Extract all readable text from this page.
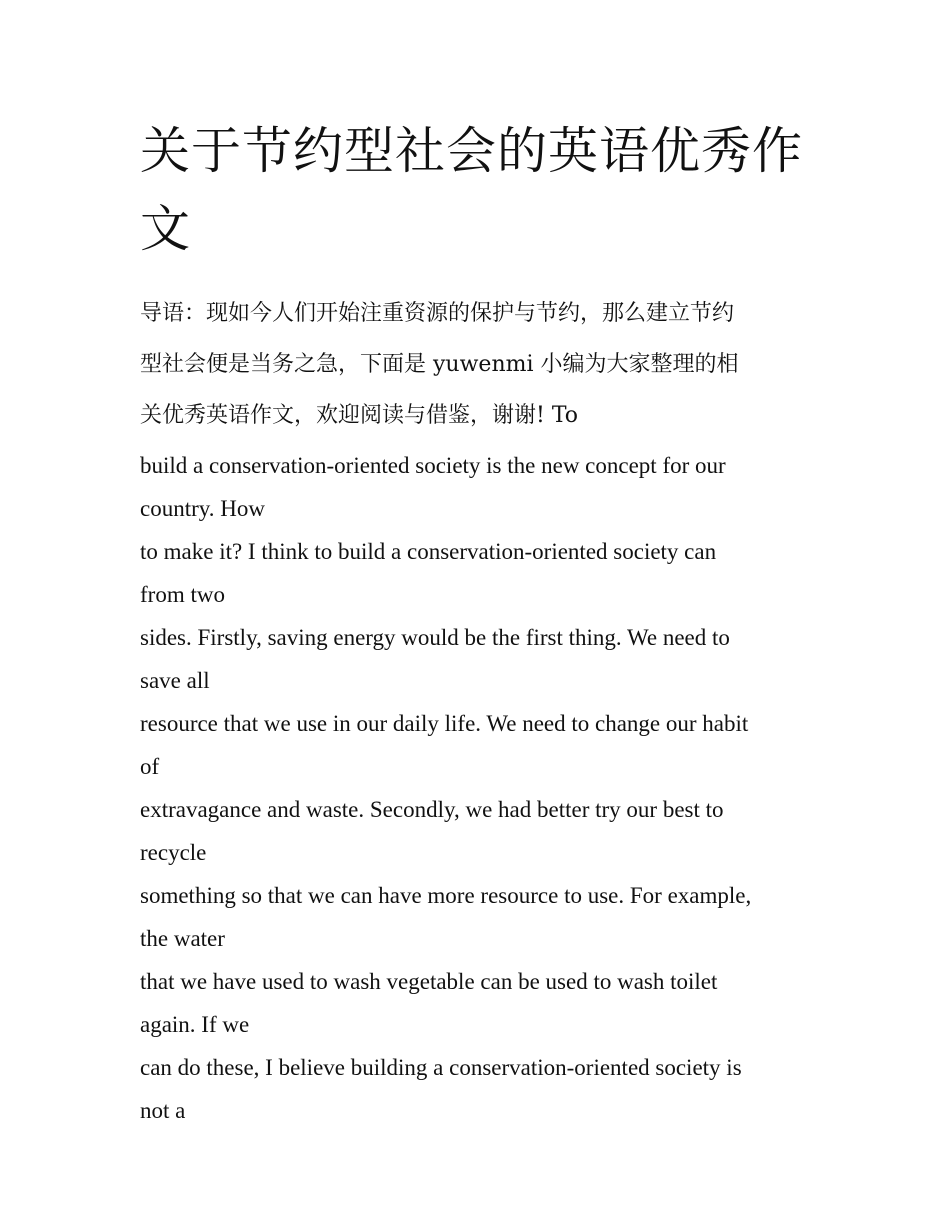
关于节约型社会的英语优秀作文

导语：现如今人们开始注重资源的保护与节约，那么建立节约
型社会便是当务之急，下面是 yuwenmi 小编为大家整理的相
关优秀英语作文，欢迎阅读与借鉴，谢谢! To

build a conservation-oriented society is the new concept for our
country. How
to make it? I think to build a conservation-oriented society can
from two
sides. Firstly, saving energy would be the first thing. We need to
save all
resource that we use in our daily life. We need to change our habit
of
extravagance and waste. Secondly, we had better try our best to
recycle
something so that we can have more resource to use. For example,
the water
that we have used to wash vegetable can be used to wash toilet
again. If we
can do these, I believe building a conservation-oriented society is
not a
